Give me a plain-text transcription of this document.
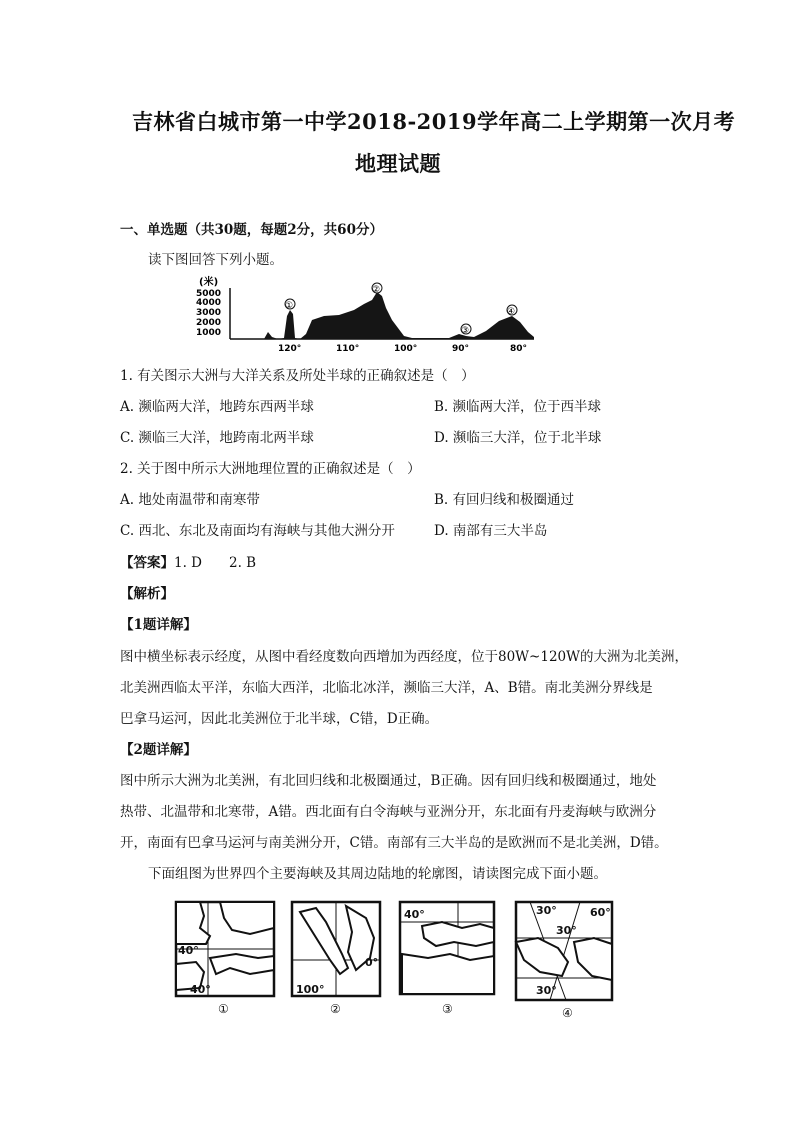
吉林省白城市第一中学2018-2019学年高二上学期第一次月考
地理试题
一、单选题（共30题，每题2分，共60分）
读下图回答下列小题。
(米)
5000
4000
3000
2000
1000
①
②
③
④
120°	110°	100°	90°	80°
1. 有关图示大洲与大洋关系及所处半球的正确叙述是（　）
A. 濒临两大洋，地跨东西两半球	B. 濒临两大洋，位于西半球
C. 濒临三大洋，地跨南北两半球	D. 濒临三大洋，位于北半球
2. 关于图中所示大洲地理位置的正确叙述是（　）
A. 地处南温带和南寒带	B. 有回归线和极圈通过
C. 西北、东北及南面均有海峡与其他大洲分开	D. 南部有三大半岛
【答案】1. D　　2. B
【解析】
【1题详解】
图中横坐标表示经度，从图中看经度数向西增加为西经度，位于80W~120W的大洲为北美洲，
北美洲西临太平洋，东临大西洋，北临北冰洋，濒临三大洋，A、B错。南北美洲分界线是
巴拿马运河，因此北美洲位于北半球，C错，D正确。
【2题详解】
图中所示大洲为北美洲，有北回归线和北极圈通过，B正确。因有回归线和极圈通过，地处
热带、北温带和北寒带，A错。西北面有白令海峡与亚洲分开，东北面有丹麦海峡与欧洲分
开，南面有巴拿马运河与南美洲分开，C错。南部有三大半岛的是欧洲而不是北美洲，D错。
下面组图为世界四个主要海峡及其周边陆地的轮廓图，请读图完成下面小题。
40°
40°
①
0°
100°
②
40°
③
30°	60°
30°
30°
④
